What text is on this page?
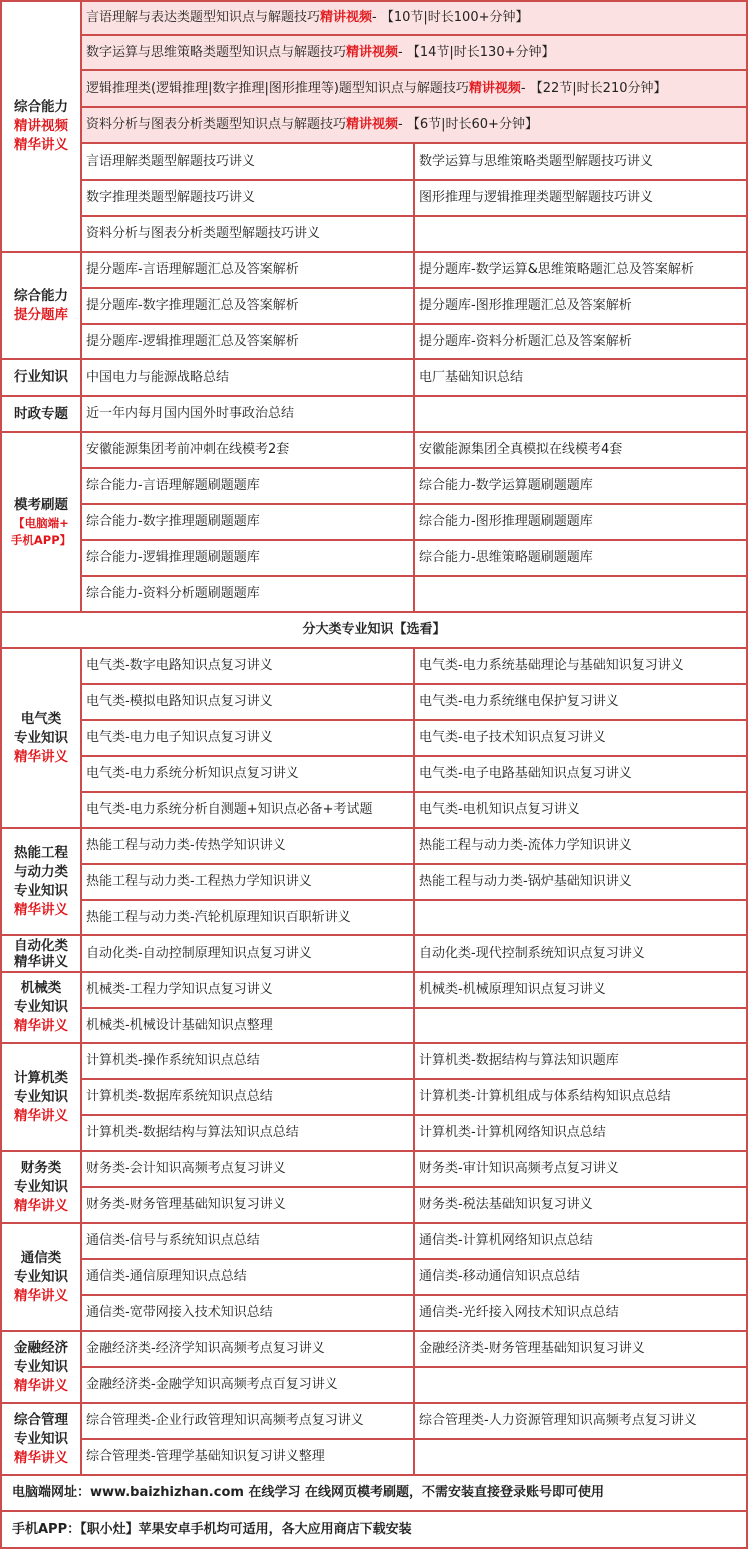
综合能力
精讲视频
精华讲义
言语理解与表达类题型知识点与解题技巧 精讲视频 - 【10节|时长100+分钟】
数字运算与思维策略类题型知识点与解题技巧 精讲视频 - 【14节|时长130+分钟】
逻辑推理类(逻辑推理|数字推理|图形推理等)题型知识点与解题技巧 精讲视频 - 【22节|时长210分钟】
资料分析与图表分析类题型知识点与解题技巧 精讲视频 - 【6节|时长60+分钟】
言语理解类题型解题技巧讲义	数学运算与思维策略类题型解题技巧讲义
数字推理类题型解题技巧讲义	图形推理与逻辑推理类题型解题技巧讲义
资料分析与图表分析类题型解题技巧讲义
综合能力
提分题库
提分题库-言语理解题汇总及答案解析	提分题库-数学运算&思维策略题汇总及答案解析
提分题库-数字推理题汇总及答案解析	提分题库-图形推理题汇总及答案解析
提分题库-逻辑推理题汇总及答案解析	提分题库-资料分析题汇总及答案解析
行业知识	中国电力与能源战略总结	电厂基础知识总结
时政专题	近一年内每月国内国外时事政治总结
模考刷题
【电脑端+
手机APP】
安徽能源集团考前冲刺在线模考2套	安徽能源集团全真模拟在线模考4套
综合能力-言语理解题刷题题库	综合能力-数学运算题刷题题库
综合能力-数字推理题刷题题库	综合能力-图形推理题刷题题库
综合能力-逻辑推理题刷题题库	综合能力-思维策略题刷题题库
综合能力-资料分析题刷题题库
分大类专业知识【选看】
电气类
专业知识
精华讲义
电气类-数字电路知识点复习讲义	电气类-电力系统基础理论与基础知识复习讲义
电气类-模拟电路知识点复习讲义	电气类-电力系统继电保护复习讲义
电气类-电力电子知识点复习讲义	电气类-电子技术知识点复习讲义
电气类-电力系统分析知识点复习讲义	电气类-电子电路基础知识点复习讲义
电气类-电力系统分析自测题+知识点必备+考试题	电气类-电机知识点复习讲义
热能工程
与动力类
专业知识
精华讲义
热能工程与动力类-传热学知识讲义	热能工程与动力类-流体力学知识讲义
热能工程与动力类-工程热力学知识讲义	热能工程与动力类-锅炉基础知识讲义
热能工程与动力类-汽轮机原理知识百职斩讲义
自动化类
精华讲义
自动化类-自动控制原理知识点复习讲义	自动化类-现代控制系统知识点复习讲义
机械类
专业知识
精华讲义
机械类-工程力学知识点复习讲义	机械类-机械原理知识点复习讲义
机械类-机械设计基础知识点整理
计算机类
专业知识
精华讲义
计算机类-操作系统知识点总结	计算机类-数据结构与算法知识题库
计算机类-数据库系统知识点总结	计算机类-计算机组成与体系结构知识点总结
计算机类-数据结构与算法知识点总结	计算机类-计算机网络知识点总结
财务类
专业知识
精华讲义
财务类-会计知识高频考点复习讲义	财务类-审计知识高频考点复习讲义
财务类-财务管理基础知识复习讲义	财务类-税法基础知识复习讲义
通信类
专业知识
精华讲义
通信类-信号与系统知识点总结	通信类-计算机网络知识点总结
通信类-通信原理知识点总结	通信类-移动通信知识点总结
通信类-宽带网接入技术知识总结	通信类-光纤接入网技术知识点总结
金融经济
专业知识
精华讲义
金融经济类-经济学知识高频考点复习讲义	金融经济类-财务管理基础知识复习讲义
金融经济类-金融学知识高频考点百复习讲义
综合管理
专业知识
精华讲义
综合管理类-企业行政管理知识高频考点复习讲义	综合管理类-人力资源管理知识高频考点复习讲义
综合管理类-管理学基础知识复习讲义整理
电脑端网址：www.baizhizhan.com 在线学习 在线网页模考刷题，不需安装直接登录账号即可使用
手机APP：【职小灶】苹果安卓手机均可适用，各大应用商店下载安装
